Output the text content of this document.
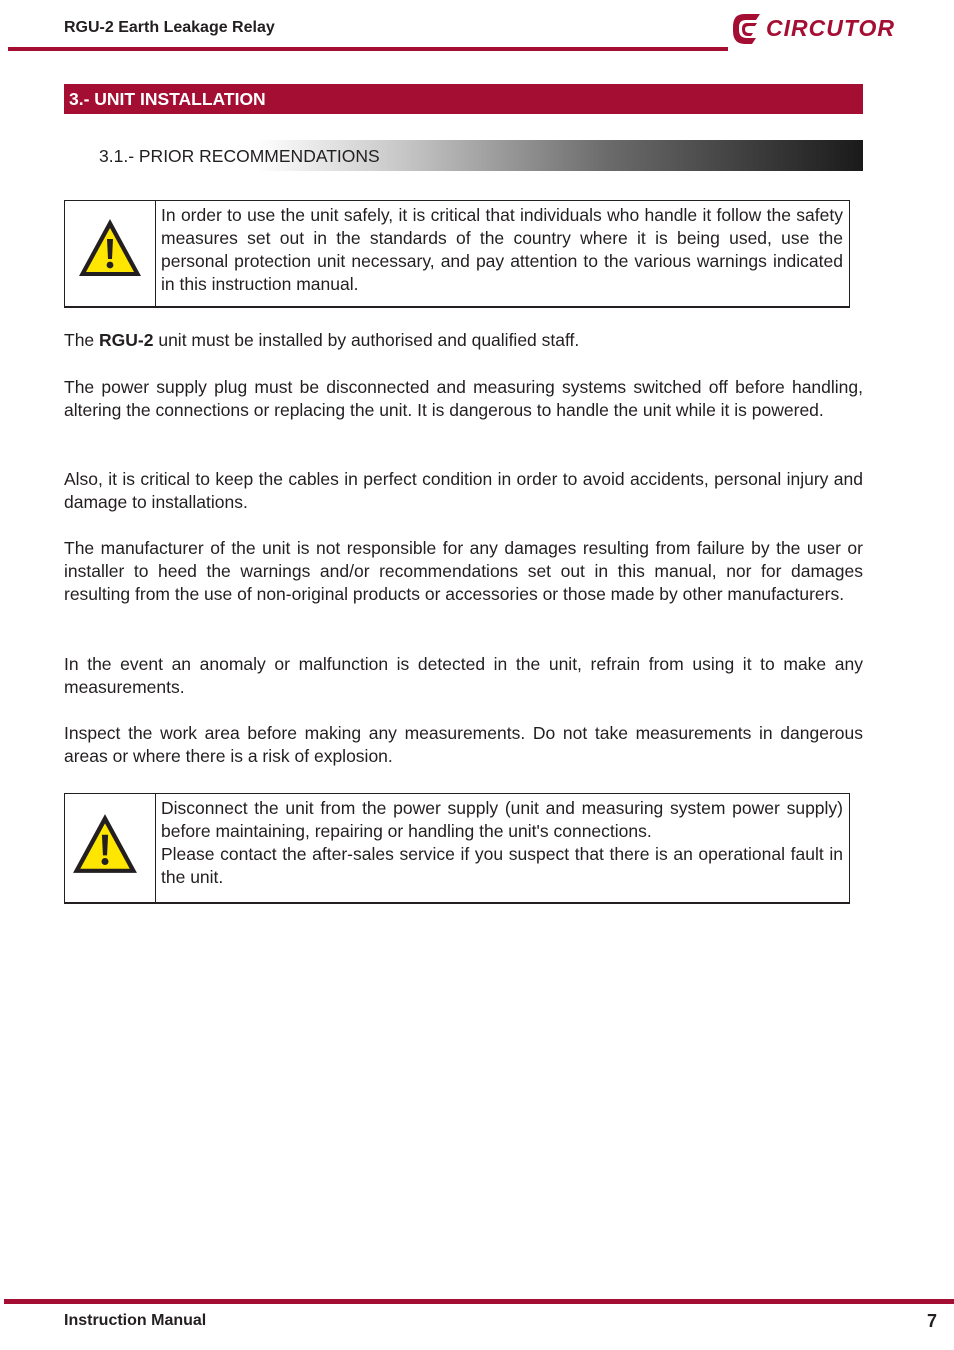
RGU-2 Earth Leakage Relay	CIRCUTOR
3.- UNIT INSTALLATION
3.1.- PRIOR RECOMMENDATIONS

In order to use the unit safely, it is critical that individuals who handle it follow the safety measures set out in the standards of the country where it is being used, use the personal protection unit necessary, and pay attention to the various warnings indicated in this instruction manual.

The RGU-2 unit must be installed by authorised and qualified staff.

The power supply plug must be disconnected and measuring systems switched off before handling, altering the connections or replacing the unit. It is dangerous to handle the unit while it is powered.

Also, it is critical to keep the cables in perfect condition in order to avoid accidents, personal injury and damage to installations.

The manufacturer of the unit is not responsible for any damages resulting from failure by the user or installer to heed the warnings and/or recommendations set out in this manual, nor for damages resulting from the use of non-original products or accessories or those made by other manufacturers.

In the event an anomaly or malfunction is detected in the unit, refrain from using it to make any measurements.

Inspect the work area before making any measurements. Do not take measurements in dangerous areas or where there is a risk of explosion.

Disconnect the unit from the power supply (unit and measuring system power supply) before maintaining, repairing or handling the unit's connections.

Please contact the after-sales service if you suspect that there is an operational fault in the unit.

Instruction Manual	7
